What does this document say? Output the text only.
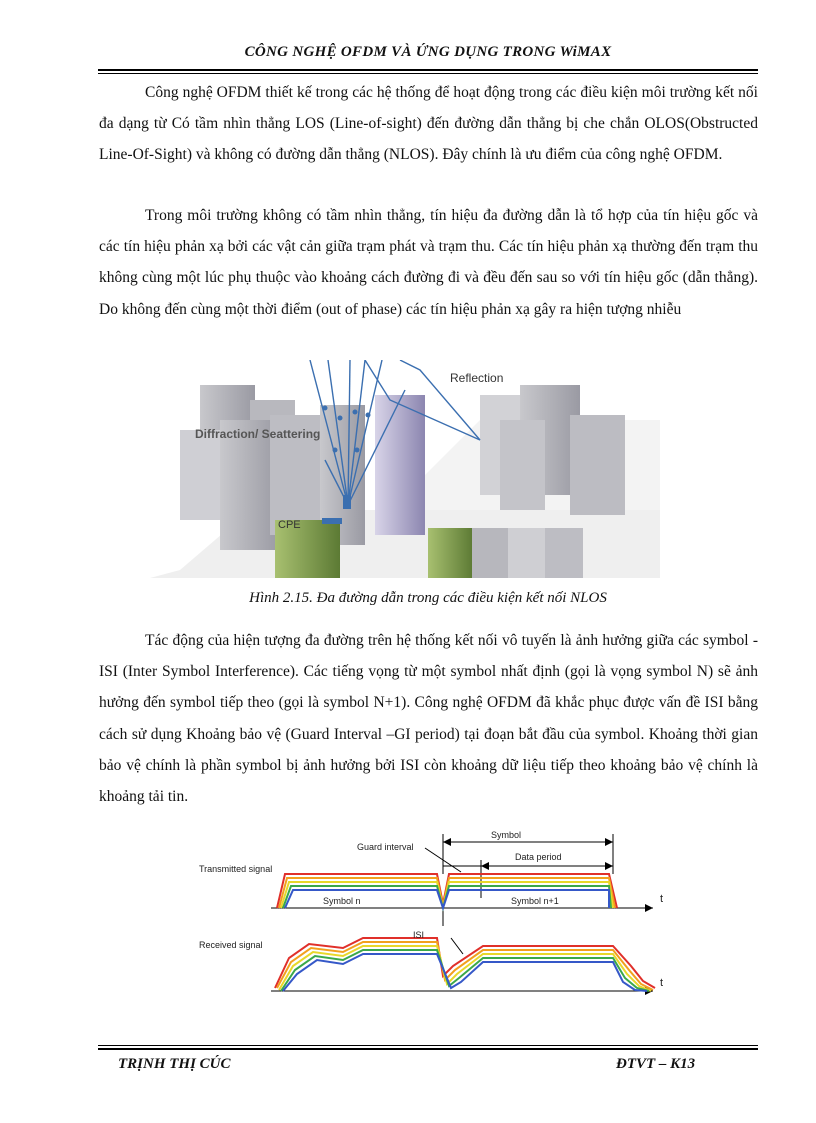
CÔNG NGHỆ OFDM VÀ ỨNG DỤNG TRONG WiMAX

Công nghệ OFDM thiết kế trong các hệ thống để hoạt động trong các điều kiện môi trường kết nối đa dạng từ Có tầm nhìn thẳng LOS (Line-of-sight) đến đường dẫn thẳng bị che chắn OLOS(Obstructed Line-Of-Sight) và không có đường dẫn thẳng (NLOS). Đây chính là ưu điểm của công nghệ OFDM.

Trong môi trường không có tầm nhìn thẳng, tín hiệu đa đường dẫn là tổ hợp của tín hiệu gốc và các tín hiệu phản xạ bởi các vật cản giữa trạm phát và trạm thu. Các tín hiệu phản xạ thường đến trạm thu không cùng một lúc phụ thuộc vào khoảng cách đường đi và đều đến sau so với tín hiệu gốc (dẫn thẳng). Do không đến cùng một thời điểm (out of phase) các tín hiệu phản xạ gây ra hiện tượng nhiễu

Reflection
Diffraction/ Seattering
CPE
Hình 2.15. Đa đường dẫn trong các điều kiện kết nối NLOS

Tác động của hiện tượng đa đường trên hệ thống kết nối vô tuyến là ảnh hưởng giữa các symbol -ISI (Inter Symbol Interference). Các tiếng vọng từ một symbol nhất định (gọi là vọng symbol N) sẽ ảnh hưởng đến symbol tiếp theo (gọi là symbol N+1). Công nghệ OFDM đã khắc phục được vấn đề ISI bằng cách sử dụng Khoảng bảo vệ (Guard Interval –GI period) tại đoạn bắt đầu của symbol. Khoảng thời gian bảo vệ chính là phần symbol bị ảnh hưởng bởi ISI còn khoảng dữ liệu tiếp theo khoảng bảo vệ chính là khoảng tải tin.

Symbol
Guard interval
Data period
Transmitted signal
Symbol n	Symbol n+1	t
ISI
Received signal
t
TRỊNH THỊ CÚC	ĐTVT – K13
